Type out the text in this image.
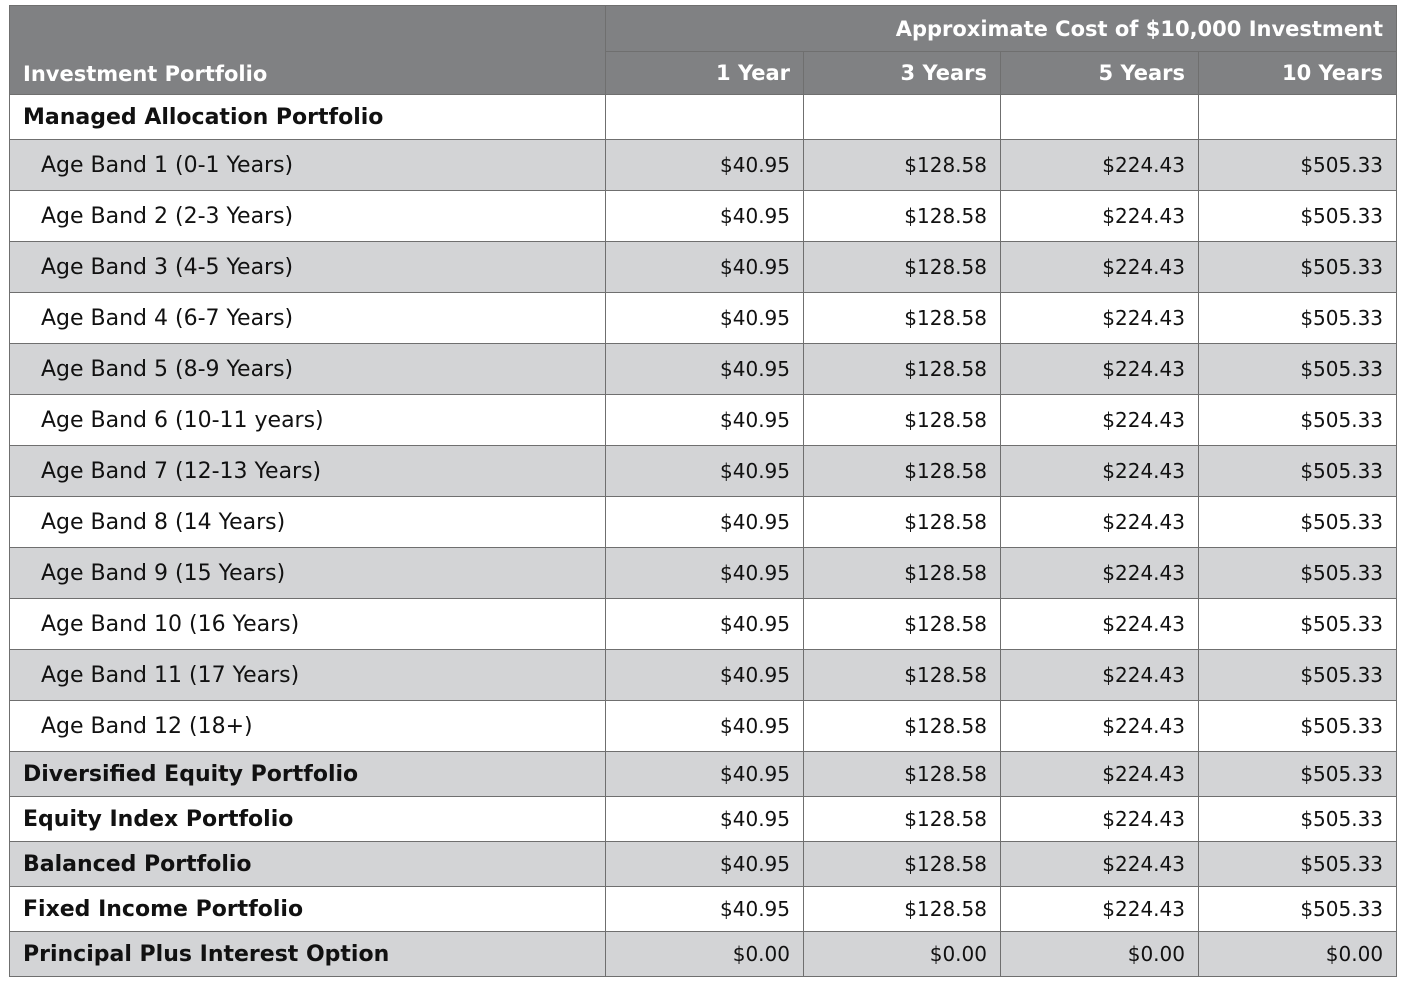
Investment Portfolio	Approximate Cost of $10,000 Investment			
	1 Year	3 Years	5 Years	10 Years
Managed Allocation Portfolio				
Age Band 1 (0-1 Years)	$40.95	$128.58	$224.43	$505.33
Age Band 2 (2-3 Years)	$40.95	$128.58	$224.43	$505.33
Age Band 3 (4-5 Years)	$40.95	$128.58	$224.43	$505.33
Age Band 4 (6-7 Years)	$40.95	$128.58	$224.43	$505.33
Age Band 5 (8-9 Years)	$40.95	$128.58	$224.43	$505.33
Age Band 6 (10-11 years)	$40.95	$128.58	$224.43	$505.33
Age Band 7 (12-13 Years)	$40.95	$128.58	$224.43	$505.33
Age Band 8 (14 Years)	$40.95	$128.58	$224.43	$505.33
Age Band 9 (15 Years)	$40.95	$128.58	$224.43	$505.33
Age Band 10 (16 Years)	$40.95	$128.58	$224.43	$505.33
Age Band 11 (17 Years)	$40.95	$128.58	$224.43	$505.33
Age Band 12 (18+)	$40.95	$128.58	$224.43	$505.33
Diversified Equity Portfolio	$40.95	$128.58	$224.43	$505.33
Equity Index Portfolio	$40.95	$128.58	$224.43	$505.33
Balanced Portfolio	$40.95	$128.58	$224.43	$505.33
Fixed Income Portfolio	$40.95	$128.58	$224.43	$505.33
Principal Plus Interest Option	$0.00	$0.00	$0.00	$0.00
